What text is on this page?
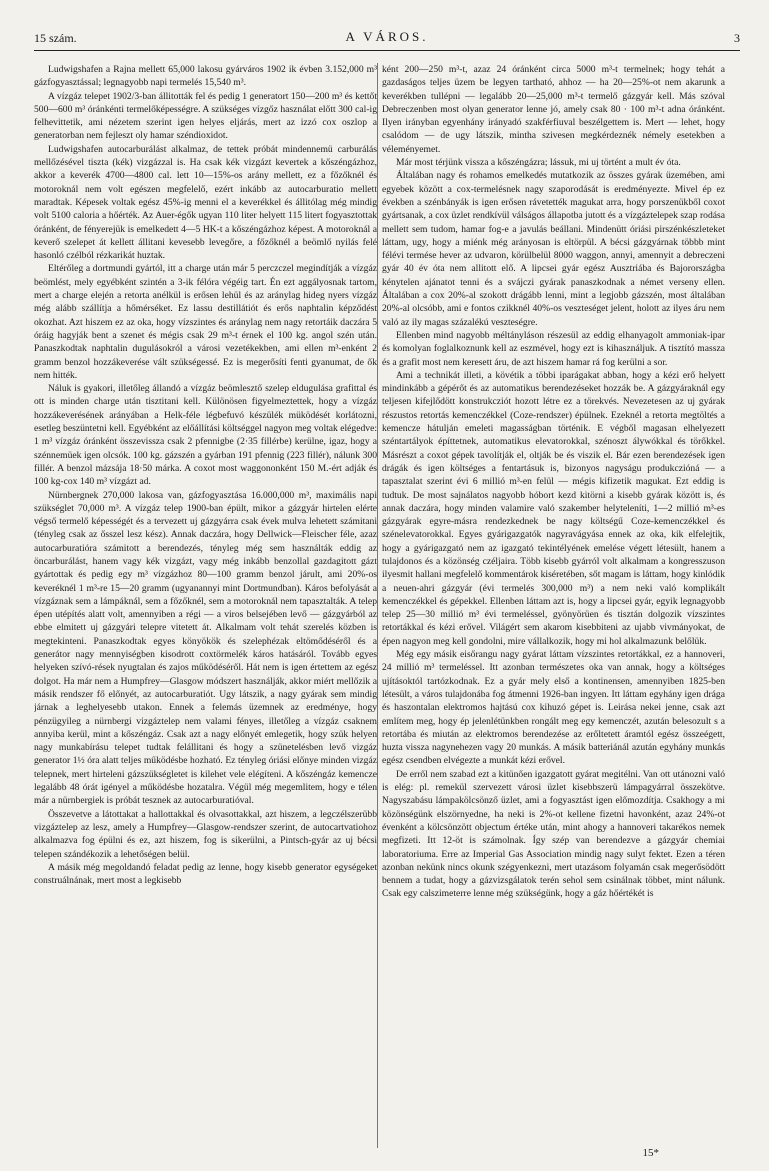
15 szám.	A VÁROS.	3

Ludwigshafen a Rajna mellett 65,000 lakosu gyárváros 1902 ik évben 3.152,000 m³ gázfogyasztással; legnagyobb napi termelés 15,540 m³.

A vízgáz telepet 1902/3-ban állitották fel és pedig 1 generatort 150—200 m³ és kettőt 500—600 m³ óránkénti termelőképességre. A szükséges vízgőz használat előtt 300 cal-ig felhevittetik, ami nézetem szerint igen helyes eljárás, mert az izzó cox oszlop a generatorban nem fejleszt oly hamar széndioxidot.

Ludwigshafen autocarburálást alkalmaz, de tettek próbát mindennemü carburálás mellőzésével tiszta (kék) vizgázzal is. Ha csak kék vizgázt kevertek a kőszéngázhoz, akkor a keverék 4700—4800 cal. lett 10—15%-os arány mellett, ez a főzőknél és motoroknál nem volt egészen megfelelő, ezért inkább az autocarburatio mellett maradtak. Képesek voltak egész 45%-ig menni el a keverékkel és állitólag még mindig volt 5100 caloria a hőérték. Az Auer-égők ugyan 110 liter helyett 115 litert fogyasztottak óránként, de fényerejük is emelkedett 4—5 HK-t a kőszéngázhoz képest. A motoroknál a keverő szelepet át kellett állitani kevesebb levegőre, a főzőknél a beömlő nyilás felé hasonló czélból rézkarikát huztak.

Eltérőleg a dortmundi gyártól, itt a charge után már 5 perczczel megindítják a vízgáz beömlést, mely egyébként szintén a 3-ik félóra végéig tart. Én ezt aggályosnak tartom, mert a charge elején a retorta anélkül is erősen lehül és az aránylag hideg nyers vízgáz még alább szállítja a hőmérséket. Ez lassu destillátiót és erős naphtalin képződést okozhat. Azt hiszem ez az oka, hogy vízszintes és aránylag nem nagy retortáik daczára 5 óráig hagyják bent a szenet és mégis csak 29 m³-t érnek el 100 kg. angol szén után. Panaszkodtak naphtalin dugulásokról a városi vezetékekben, ami ellen m³-enként 2 gramm benzol hozzákeverése vált szükségessé. Ez is megerősíti fenti gyanumat, de ők nem hitték.

Náluk is gyakori, illetőleg állandó a vízgáz beömlesztő szelep eldugulása grafittal és ott is minden charge után tisztitani kell. Különösen figyelmeztettek, hogy a vízgáz hozzákeverésének arányában a Helk-féle légbefuvó készülék müködését korlátozni, esetleg beszüntetni kell. Egyébként az előállítási költséggel nagyon meg voltak elégedve: 1 m³ vízgáz óránként összevissza csak 2 pfennigbe (2·35 fillérbe) kerülne, igaz, hogy a szénnemüek igen olcsók. 100 kg. gázszén a gyárban 191 pfennig (223 fillér), nálunk 300 fillér. A benzol mázsája 18·50 márka. A coxot most waggononként 150 M.-ért adják és 100 kg-cox 140 m³ vízgázt ad.

Nürnbergnek 270,000 lakosa van, gázfogyasztása 16.000,000 m³, maximális napi szükséglet 70,000 m³. A vízgáz telep 1900-ban épült, mikor a gázgyár hirtelen elérte végső termelő képességét és a tervezett uj gázgyárra csak évek mulva lehetett számitani (tényleg csak az ősszel lesz kész). Annak daczára, hogy Dellwick—Fleischer féle, azaz autocarburatióra számitott a berendezés, tényleg még sem használták eddig az öncarburálást, hanem vagy kék vizgázt, vagy még inkább benzollal gazdagitott gázt gyártottak és pedig egy m³ vízgázhoz 80—100 gramm benzol járult, ami 20%-os keveréknél 1 m³-re 15—20 gramm (ugyanannyi mint Dortmundban). Káros befolyását a vízgáznak sem a lámpáknál, sem a főzőknél, sem a motoroknál nem tapasztalták. A telep épen utépítés alatt volt, amennyiben a régi — a viros belsejében levő — gázgyárból az ebbe elmitett uj gázgyári telepre vitetett át. Alkalmam volt tehát szerelés közben is megtekinteni. Panaszkodtak egyes könyökök és szelephézak eltömődéséről és a generátor nagy mennyiségben kisodrott coxtörmelék káros hatásáról. Tovább egyes helyeken szívó-rések nyugtalan és zajos működéséről. Hát nem is igen értettem az egész dolgot. Ha már nem a Humpfrey—Glasgow módszert használják, akkor miért mellőzik a másik rendszer fő előnyét, az autocarburatiót. Ugy látszik, a nagy gyárak sem mindig járnak a leghelyesebb utakon. Ennek a felemás üzemnek az eredménye, hogy pénzügyileg a nürnbergi vizgáztelep nem valami fényes, illetőleg a vízgáz csaknem annyiba kerül, mint a kőszéngáz. Csak azt a nagy előnyét emlegetik, hogy szük helyen nagy munkabírásu telepet tudtak felállitani és hogy a szünetelésben levő vizgáz generator 1½ óra alatt teljes működésbe hozható. Ez tényleg óriási előnye minden vizgáz telepnek, mert hirteleni gázszükségletet is kilehet vele elégíteni. A kőszéngáz kemencze legalább 48 órát igényel a működésbe hozatalra. Végül még megemlitem, hogy e télen már a nürnbergiek is próbát tesznek az autocarburatióval.

Összevetve a látottakat a hallottakkal és olvasottakkal, azt hiszem, a legczélszerübb vizgáztelep az lesz, amely a Humpfrey—Glasgow-rendszer szerint, de autocartvatiohoz alkalmazva fog épülni és ez, azt hiszem, fog is sikerülni, a Pintsch-gyár az uj bécsi telepen szándékozik a lehetőségen belül.

A másik még megoldandó feladat pedig az lenne, hogy kisebb generator egységeket construálnának, mert most a legkisebb

ként 200—250 m³-t, azaz 24 óránként circa 5000 m³-t termelnek; hogy tehát a gazdaságos teljes üzem be legyen tartható, ahhoz — ha 20—25%-ot nem akarunk a keverékben tullépni — legalább 20—25,000 m³-t termelő gázgyár kell. Más szóval Debreczenben most olyan generator lenne jó, amely csak 80 · 100 m³-t adna óránként. Ilyen irányban egyenhány irányadó szakférfiuval beszélgettem is. Mert — lehet, hogy csalódom — de ugy látszik, mintha szivesen megkérdeznék némely esetekben a véleményemet.

Már most térjünk vissza a kőszéngázra; lássuk, mi uj történt a mult év óta.

Általában nagy és rohamos emelkedés mutatkozik az összes gyárak üzemében, ami egyebek között a cox-termelésnek nagy szaporodását is eredményezte. Mivel ép ez években a szénbányák is igen erősen rávetették magukat arra, hogy porszenükből coxot gyártsanak, a cox üzlet rendkívül válságos állapotba jutott és a vízgáztelepek szap rodása mellett sem tudom, hamar fog-e a javulás beállani. Mindenütt óriási pirszénkészleteket láttam, ugy, hogy a miénk még arányosan is eltörpül. A bécsi gázgyárnak többb mint félévi termése hever az udvaron, körülbelül 8000 waggon, annyi, amennyit a debreczeni gyár 40 év óta nem allitott elő. A lipcsei gyár egész Ausztriába és Bajorországba kénytelen ajánatot tenni és a svájczi gyárak panaszkodnak a német verseny ellen. Általában a cox 20%-al szokott drágább lenni, mint a legjobb gázszén, most általában 20%-al olcsóbb, ami e fontos czikknél 40%-os veszteséget jelent, holott az ilyes áru nem való az ily magas százalékú veszteségre.

Ellenben mind nagyobb méltányláson részesül az eddig elhanyagolt ammoniak-ipar és komolyan foglalkoznunk kell az eszmével, hogy ezt is kihasználjuk. A tisztító massza és a grafit most nem keresett áru, de azt hiszem hamar rá fog kerülni a sor.

Ami a technikát illeti, a kövétik a többi iparágakat abban, hogy a kézi erő helyett mindinkább a gépérőt és az automatikus berendezéseket hozzák be. A gázgyáraknál egy teljesen kifejlődött konstrukcziót hozott létre ez a törekvés. Nevezetesen az uj gyárak részustos retortás kemenczékkel (Coze-rendszer) épülnek. Ezeknél a retorta megtöltés a kemencze hátulján emeleti magasságban történik. E végből magasan elhelyezett széntartályok építtetnek, automatikus elevatorokkal, szénoszt álywókkal és törőkkel. Másrészt a coxot gépek tavolítják el, oltják be és viszik el. Bár ezen berendezések igen drágák és igen költséges a fentartásuk is, bizonyos nagyságu produkczióná — a tapasztalat szerint évi 6 millió m³-en felül — mégis kifizetik magukat. Ezt eddig is tudtuk. De most sajnálatos nagyobb hóbort kezd kitörni a kisebb gyárak között is, és annak daczára, hogy minden valamire való szakember helyteleníti, 1—2 millió m³-es gázgyárak egyre-másra rendezkednek be nagy költségű Coze-kemenczékkel és szénelevatorokkal. Egyes gyárigazgatók nagyravágyása ennek az oka, kik elfelejtik, hogy a gyárigazgató nem az igazgató tekintélyének emelése végett létesült, hanem a tulajdonos és a közönség czéljaira. Több kisebb gyárról volt alkalmam a kongresszuson ilyesmit hallani megfelelő kommentárok kiséretében, sőt magam is láttam, hogy kinlódik a neuen-ahri gázgyár (évi termelés 300,000 m³) a nem neki való komplikált kemenczékkel és gépekkel. Ellenben láttam azt is, hogy a lipcsei gyár, egyik legnagyobb telep 25—30 millió m³ évi termeléssel, gyönyörüen és tisztán dolgozik vízszintes retortákkal és kézi erővel. Világért sem akarom kisebbiteni az ujabb vivmányokat, de épen nagyon meg kell gondolni, mire vállalkozik, hogy mi hol alkalmazunk belőlük.

Még egy másik eisőrangu nagy gyárat láttam vízszintes retortákkal, ez a hannoveri, 24 millió m³ termeléssel. Itt azonban természetes oka van annak, hogy a költséges ujításoktól tartózkodnak. Ez a gyár mely első a kontinensen, amennyiben 1825-ben létesült, a város tulajdonába fog átmenni 1926-ban ingyen. Itt láttam egyhány igen drága és haszontalan elektromos hajtású cox kihuzó gépet is. Leirása nekei jenne, csak azt említem meg, hogy ép jelenlétünkben rongált meg egy kemenczét, azután belesozult s a retortába és miután az elektromos berendezése az erőltetett áramtól egész összeégett, huzta vissza nagynehezen vagy 20 munkás. A másik batteriánál azután egyhány munkás egész csendben elvégezte a munkát kézi erővel.

De erről nem szabad ezt a kitünően igazgatott gyárat megitélni. Van ott utánozni való is elég: pl. remekül szervezett városi üzlet kisebbszerü lámpagyárral összekötve. Nagyszabásu lámpakölcsönző üzlet, ami a fogyasztást igen előmozdítja. Csakhogy a mi közönségünk elszörnyedne, ha neki is 2%-ot kellene fizetni havonként, azaz 24%-ot évenként a kölcsönzött objectum értéke után, mint ahogy a hannoveri takarékos nemek megfizeti. Itt 12-öt is számolnak. Így szép van berendezve a gázgyár chemiai laboratoriuma. Erre az Imperial Gas Association mindig nagy sulyt fektet. Ezen a téren azonban nekünk nincs okunk szégyenkezni, mert utazásom folyamán csak megerősödött bennem a tudat, hogy a gázvizsgálatok terén sehol sem csinálnak többet, mint nálunk. Csak egy calszimeterre lenne még szükségünk, hogy a gáz hőértékét is

15*
